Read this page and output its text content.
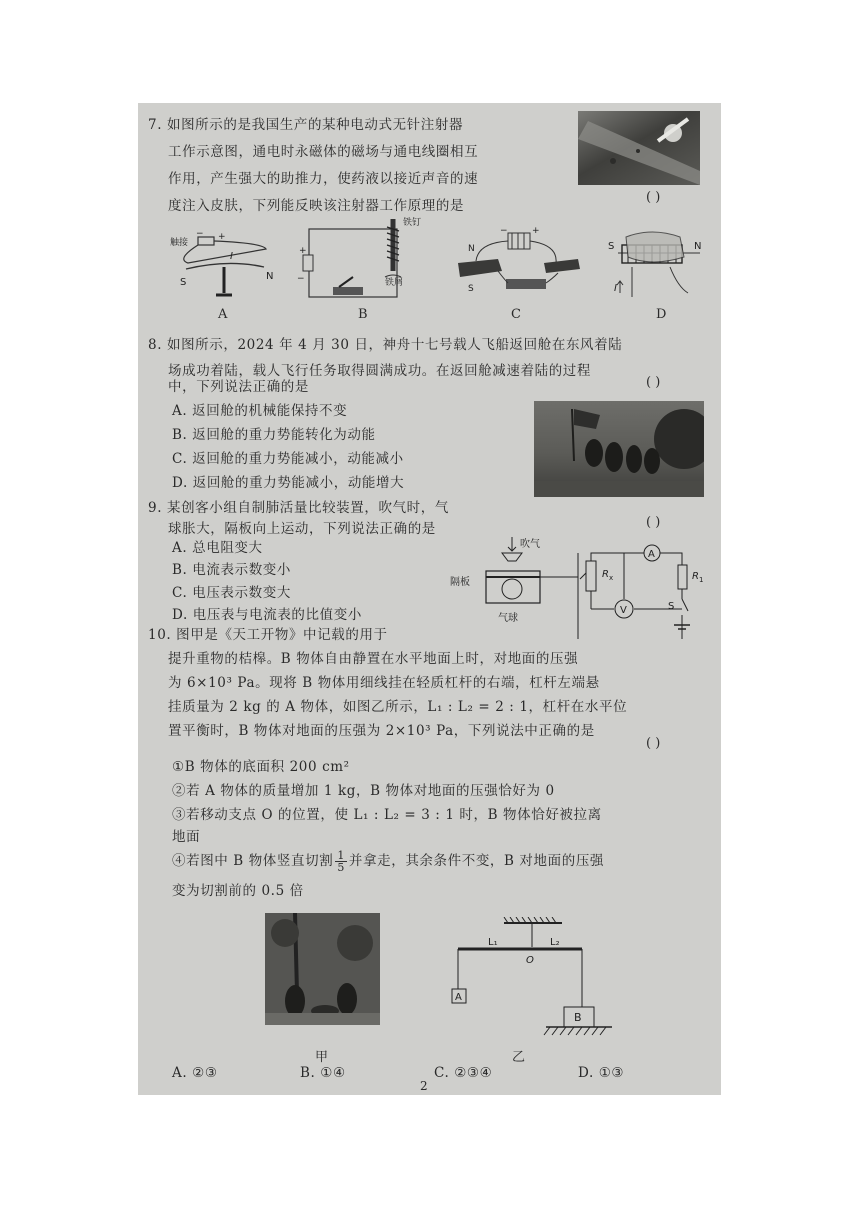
7. 如图所示的是我国生产的某种电动式无针注射器
工作示意图，通电时永磁体的磁场与通电线圈相互
作用，产生强大的助推力，使药液以接近声音的速
度注入皮肤，下列能反映该注射器工作原理的是
( )
触接
− +
I
S
N
A
+
−
铁钉
铁屑
B
−	+
N
S
C
S	N
I
D
8. 如图所示，2024 年 4 月 30 日，神舟十七号载人飞船返回舱在东风着陆
场成功着陆，载人飞行任务取得圆满成功。在返回舱减速着陆的过程
中，下列说法正确的是	( )
A. 返回舱的机械能保持不变
B. 返回舱的重力势能转化为动能
C. 返回舱的重力势能减小，动能减小
D. 返回舱的重力势能减小，动能增大
9. 某创客小组自制肺活量比较装置，吹气时，气
球胀大，隔板向上运动，下列说法正确的是	( )
A. 总电阻变大
B. 电流表示数变小
C. 电压表示数变大
D. 电压表与电流表的比值变小
吹气
隔板
气球
R x
A
V
R 1
S
10. 图甲是《天工开物》中记载的用于
提升重物的桔槔。B 物体自由静置在水平地面上时，对地面的压强
为 6×10³ Pa。现将 B 物体用细线挂在轻质杠杆的右端，杠杆左端悬
挂质量为 2 kg 的 A 物体，如图乙所示，L₁ : L₂ = 2 : 1，杠杆在水平位
置平衡时，B 物体对地面的压强为 2×10³ Pa，下列说法中正确的是
( )
①B 物体的底面积 200 cm²
②若 A 物体的质量增加 1 kg，B 物体对地面的压强恰好为 0
③若移动支点 O 的位置，使 L₁ : L₂ = 3 : 1 时，B 物体恰好被拉离
地面
④若图中 B 物体竖直切割 $\frac{1}{5}$ 并拿走，其余条件不变，B 对地面的压强
变为切割前的 0.5 倍
甲
L₁	L₂
O
A
B
乙
A. ②③	B. ①④	C. ②③④	D. ①③
2
